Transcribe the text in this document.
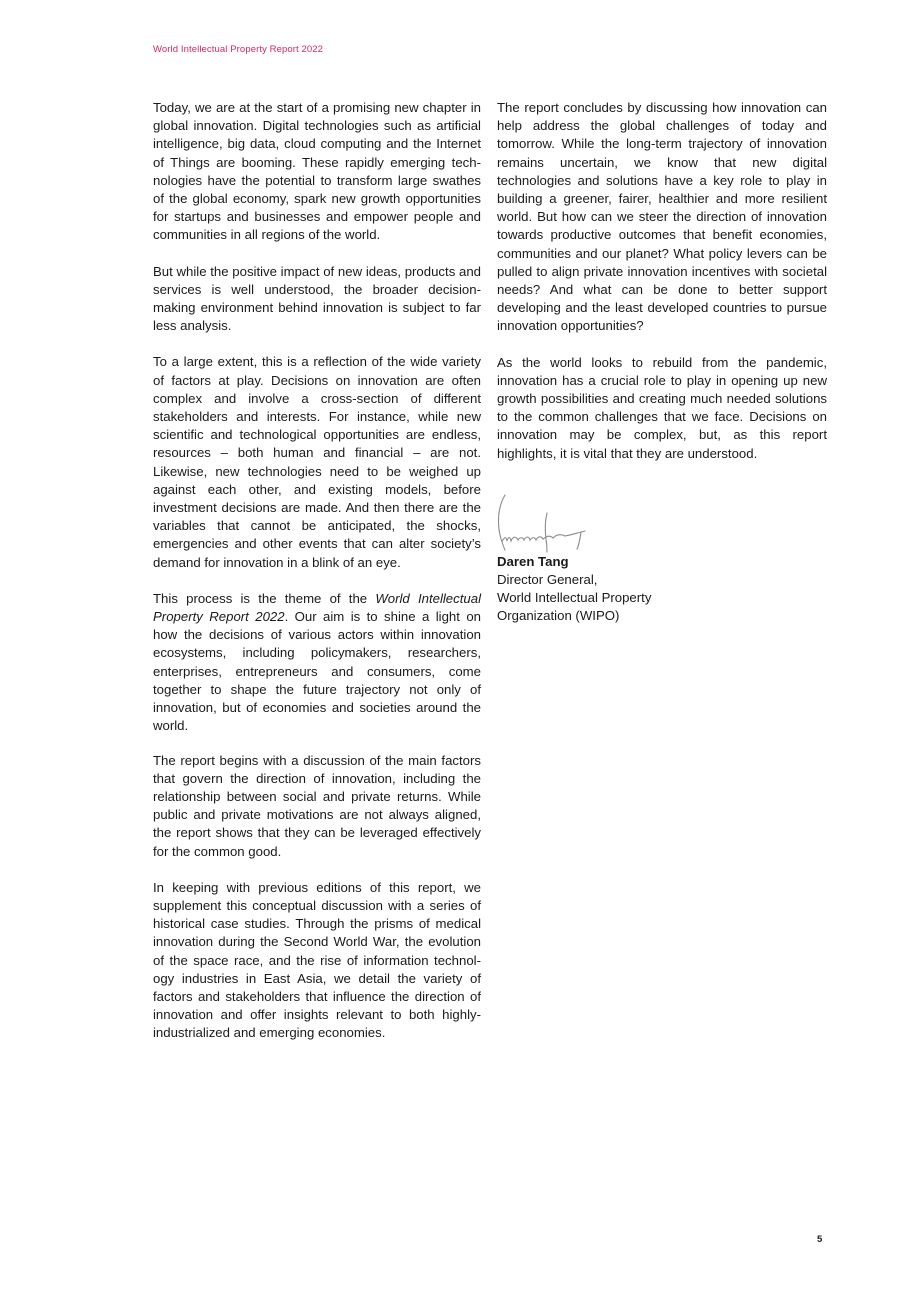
World Intellectual Property Report 2022

Today, we are at the start of a promising new chapter in global innovation. Digital technologies such as artificial intelligence, big data, cloud computing and the Internet of Things are booming. These rapidly emerging technologies have the potential to transform large swathes of the global economy, spark new growth opportunities for startups and businesses and empower people and communities in all regions of the world.

But while the positive impact of new ideas, products and services is well understood, the broader decision-making environment behind innovation is subject to far less analysis.

To a large extent, this is a reflection of the wide variety of factors at play. Decisions on innovation are often complex and involve a cross-section of different stakeholders and interests. For instance, while new scientific and technological opportunities are endless, resources – both human and financial – are not. Likewise, new technologies need to be weighed up against each other, and existing models, before investment decisions are made. And then there are the variables that cannot be anticipated, the shocks, emergencies and other events that can alter society’s demand for innovation in a blink of an eye.

This process is the theme of the World Intellectual Property Report 2022. Our aim is to shine a light on how the decisions of various actors within innovation ecosystems, including policymakers, researchers, enterprises, entrepreneurs and consumers, come together to shape the future trajectory not only of innovation, but of economies and societies around the world.

The report begins with a discussion of the main factors that govern the direction of innovation, including the relationship between social and private returns. While public and private motivations are not always aligned, the report shows that they can be leveraged effectively for the common good.

In keeping with previous editions of this report, we supplement this conceptual discussion with a series of historical case studies. Through the prisms of medical innovation during the Second World War, the evolution of the space race, and the rise of information technology industries in East Asia, we detail the variety of factors and stakeholders that influence the direction of innovation and offer insights relevant to both highly-industrialized and emerging economies.

The report concludes by discussing how innovation can help address the global challenges of today and tomorrow. While the long-term trajectory of innovation remains uncertain, we know that new digital technologies and solutions have a key role to play in building a greener, fairer, healthier and more resilient world. But how can we steer the direction of innovation towards productive outcomes that benefit economies, communities and our planet? What policy levers can be pulled to align private innovation incentives with societal needs? And what can be done to better support developing and the least developed countries to pursue innovation opportunities?

As the world looks to rebuild from the pandemic, innovation has a crucial role to play in opening up new growth possibilities and creating much needed solutions to the common challenges that we face. Decisions on innovation may be complex, but, as this report highlights, it is vital that they are understood.

Daren Tang
Director General,
World Intellectual Property
Organization (WIPO)
5
